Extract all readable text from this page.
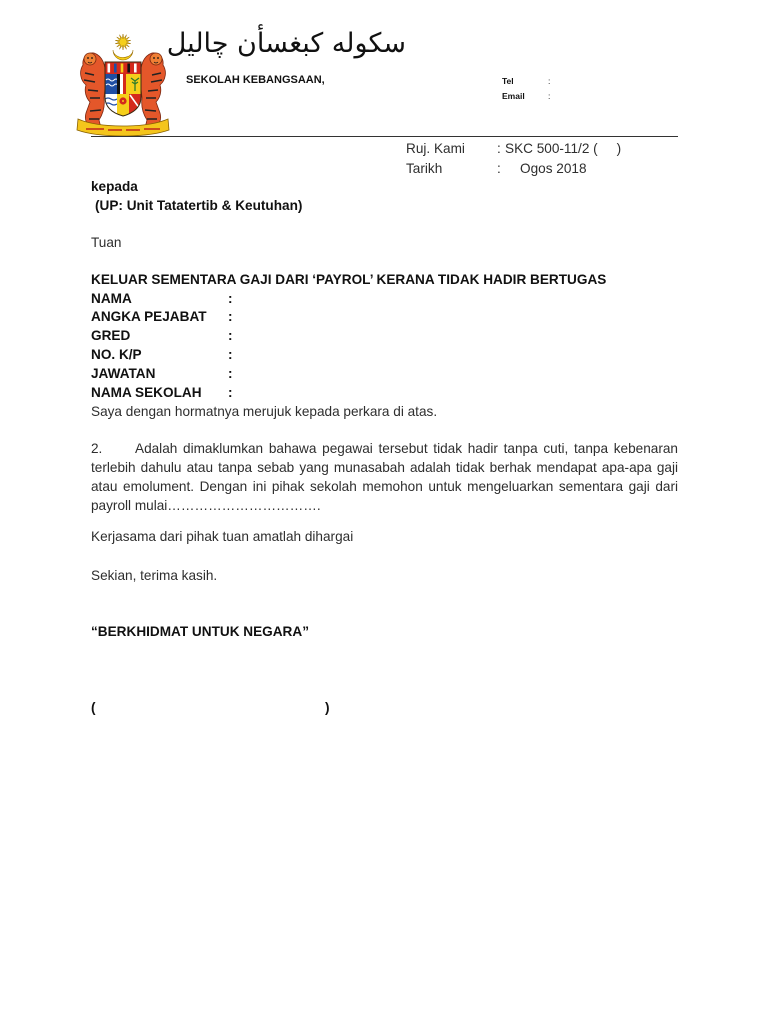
سكوله كبغسأن چاليل
SEKOLAH KEBANGSAAN,	Tel	:
Email	:
Ruj. Kami : SKC 500-11/2 (     )
Tarikh	: Ogos 2018
kepada
(UP: Unit Tatatertib & Keutuhan)
Tuan
KELUAR SEMENTARA GAJI DARI ‘PAYROL’ KERANA TIDAK HADIR BERTUGAS
NAMA	:
ANGKA PEJABAT :
GRED	:
NO. K/P	:
JAWATAN	:
NAMA SEKOLAH :
Saya dengan hormatnya merujuk kepada perkara di atas.
2. Adalah dimaklumkan bahawa pegawai tersebut tidak hadir tanpa cuti, tanpa kebenaran
terlebih dahulu atau tanpa sebab yang munasabah adalah tidak berhak mendapat apa-apa gaji
atau emolument. Dengan ini pihak sekolah memohon untuk mengeluarkan sementara gaji dari
payroll mulai…………………………….
Kerjasama dari pihak tuan amatlah dihargai
Sekian, terima kasih.
“BERKHIDMAT UNTUK NEGARA”
(	)
